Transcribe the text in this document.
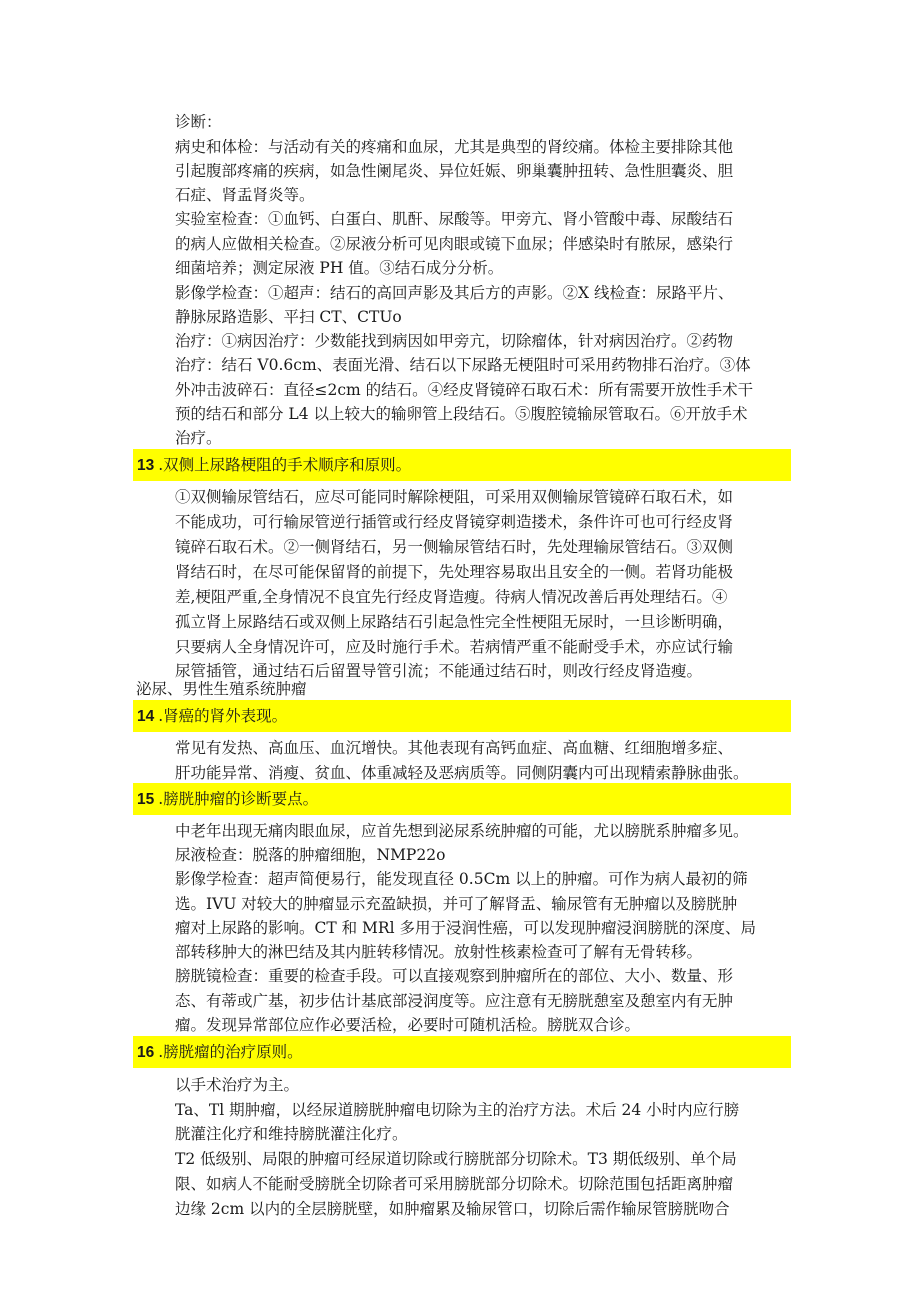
诊断：

病史和体检：与活动有关的疼痛和血尿，尤其是典型的肾绞痛。体检主要排除其他

引起腹部疼痛的疾病，如急性阑尾炎、异位妊娠、卵巢囊肿扭转、急性胆囊炎、胆

石症、肾盂肾炎等。

实验室检查：①血钙、白蛋白、肌酐、尿酸等。甲旁亢、肾小管酸中毒、尿酸结石

的病人应做相关检查。②尿液分析可见肉眼或镜下血尿；伴感染时有脓尿，感染行

细菌培养；测定尿液 PH 值。③结石成分分析。

影像学检查：①超声：结石的高回声影及其后方的声影。②X 线检查：尿路平片、

静脉尿路造影、平扫 CT、CTUo

治疗：①病因治疗：少数能找到病因如甲旁亢，切除瘤体，针对病因治疗。②药物

治疗：结石 V0.6cm、表面光滑、结石以下尿路无梗阻时可采用药物排石治疗。③体

外冲击波碎石：直径≤2cm 的结石。④经皮肾镜碎石取石术：所有需要开放性手术干

预的结石和部分 L4 以上较大的输卵管上段结石。⑤腹腔镜输尿管取石。⑥开放手术

治疗。

13 .双侧上尿路梗阻的手术顺序和原则。

①双侧输尿管结石，应尽可能同时解除梗阻，可采用双侧输尿管镜碎石取石术，如

不能成功，可行输尿管逆行插管或行经皮肾镜穿刺造搂术，条件许可也可行经皮肾

镜碎石取石术。②一侧肾结石，另一侧输尿管结石时，先处理输尿管结石。③双侧

肾结石时，在尽可能保留肾的前提下，先处理容易取出且安全的一侧。若肾功能极

差,梗阻严重,全身情况不良宜先行经皮肾造瘦。待病人情况改善后再处理结石。④

孤立肾上尿路结石或双侧上尿路结石引起急性完全性梗阻无尿时，一旦诊断明确，

只要病人全身情况许可，应及时施行手术。若病情严重不能耐受手术，亦应试行输

尿管插管，通过结石后留置导管引流；不能通过结石时，则改行经皮肾造瘦。

泌尿、男性生殖系统肿瘤

14 .肾癌的肾外表现。

常见有发热、高血压、血沉增快。其他表现有高钙血症、高血糖、红细胞增多症、

肝功能异常、消瘦、贫血、体重减轻及恶病质等。同侧阴囊内可出现精索静脉曲张。

15 .膀胱肿瘤的诊断要点。

中老年出现无痛肉眼血尿，应首先想到泌尿系统肿瘤的可能，尤以膀胱系肿瘤多见。

尿液检查：脱落的肿瘤细胞，NMP22o

影像学检查：超声简便易行，能发现直径 0.5Cm 以上的肿瘤。可作为病人最初的筛

选。IVU 对较大的肿瘤显示充盈缺损，并可了解肾盂、输尿管有无肿瘤以及膀胱肿

瘤对上尿路的影响。CT 和 MRl 多用于浸润性癌，可以发现肿瘤浸润膀胱的深度、局

部转移肿大的淋巴结及其内脏转移情况。放射性核素检查可了解有无骨转移。

膀胱镜检查：重要的检查手段。可以直接观察到肿瘤所在的部位、大小、数量、形

态、有蒂或广基，初步估计基底部浸润度等。应注意有无膀胱憩室及憩室内有无肿

瘤。发现异常部位应作必要活检，必要时可随机活检。膀胱双合诊。

16 .膀胱瘤的治疗原则。

以手术治疗为主。

Ta、Tl 期肿瘤，以经尿道膀胱肿瘤电切除为主的治疗方法。术后 24 小时内应行膀

胱灌注化疗和维持膀胱灌注化疗。

T2 低级别、局限的肿瘤可经尿道切除或行膀胱部分切除术。T3 期低级别、单个局

限、如病人不能耐受膀胱全切除者可采用膀胱部分切除术。切除范围包括距离肿瘤

边缘 2cm 以内的全层膀胱壁，如肿瘤累及输尿管口，切除后需作输尿管膀胱吻合
